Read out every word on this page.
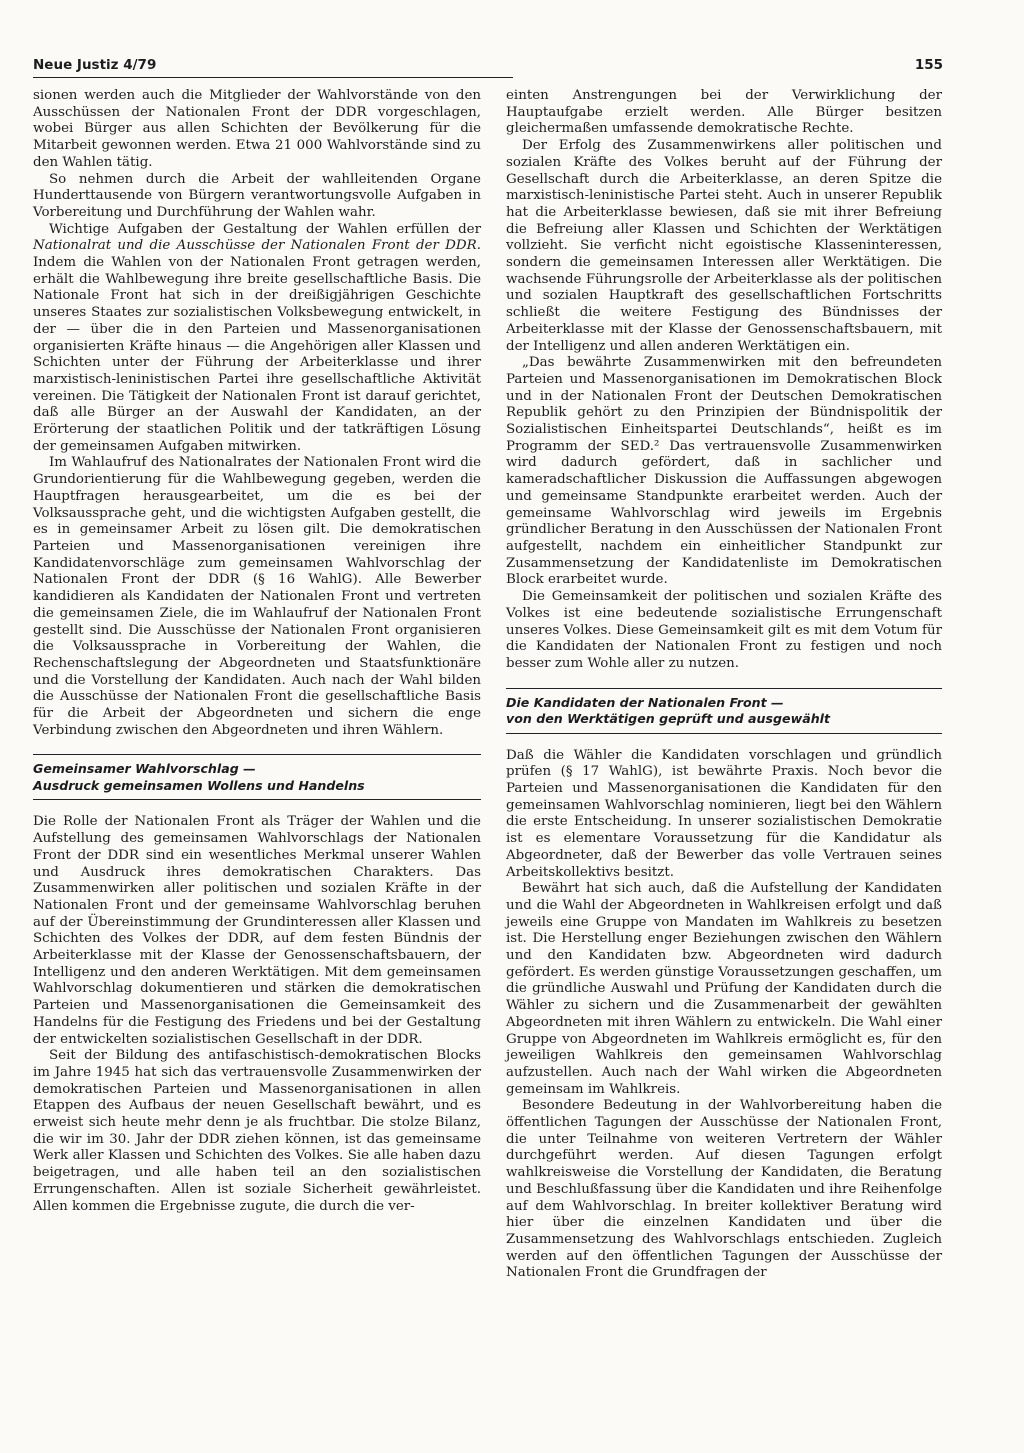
Neue Justiz 4/79	155

sionen werden auch die Mitglieder der Wahlvorstände von den Ausschüssen der Nationalen Front der DDR vorgeschlagen, wobei Bürger aus allen Schichten der Bevölkerung für die Mitarbeit gewonnen werden. Etwa 21 000 Wahlvorstände sind zu den Wahlen tätig.

So nehmen durch die Arbeit der wahlleitenden Organe Hunderttausende von Bürgern verantwortungsvolle Aufgaben in Vorbereitung und Durchführung der Wahlen wahr.

Wichtige Aufgaben der Gestaltung der Wahlen erfüllen der Nationalrat und die Ausschüsse der Nationalen Front der DDR. Indem die Wahlen von der Nationalen Front getragen werden, erhält die Wahlbewegung ihre breite gesellschaftliche Basis. Die Nationale Front hat sich in der dreißigjährigen Geschichte unseres Staates zur sozialistischen Volksbewegung entwickelt, in der — über die in den Parteien und Massenorganisationen organisierten Kräfte hinaus — die Angehörigen aller Klassen und Schichten unter der Führung der Arbeiterklasse und ihrer marxistisch-leninistischen Partei ihre gesellschaftliche Aktivität vereinen. Die Tätigkeit der Nationalen Front ist darauf gerichtet, daß alle Bürger an der Auswahl der Kandidaten, an der Erörterung der staatlichen Politik und der tatkräftigen Lösung der gemeinsamen Aufgaben mitwirken.

Im Wahlaufruf des Nationalrates der Nationalen Front wird die Grundorientierung für die Wahlbewegung gegeben, werden die Hauptfragen herausgearbeitet, um die es bei der Volksaussprache geht, und die wichtigsten Aufgaben gestellt, die es in gemeinsamer Arbeit zu lösen gilt. Die demokratischen Parteien und Massenorganisationen vereinigen ihre Kandidatenvorschläge zum gemeinsamen Wahlvorschlag der Nationalen Front der DDR (§ 16 WahlG). Alle Bewerber kandidieren als Kandidaten der Nationalen Front und vertreten die gemeinsamen Ziele, die im Wahlaufruf der Nationalen Front gestellt sind. Die Ausschüsse der Nationalen Front organisieren die Volksaussprache in Vorbereitung der Wahlen, die Rechenschaftslegung der Abgeordneten und Staatsfunktionäre und die Vorstellung der Kandidaten. Auch nach der Wahl bilden die Ausschüsse der Nationalen Front die gesellschaftliche Basis für die Arbeit der Abgeordneten und sichern die enge Verbindung zwischen den Abgeordneten und ihren Wählern.

Gemeinsamer Wahlvorschlag —
Ausdruck gemeinsamen Wollens und Handelns

Die Rolle der Nationalen Front als Träger der Wahlen und die Aufstellung des gemeinsamen Wahlvorschlags der Nationalen Front der DDR sind ein wesentliches Merkmal unserer Wahlen und Ausdruck ihres demokratischen Charakters. Das Zusammenwirken aller politischen und sozialen Kräfte in der Nationalen Front und der gemeinsame Wahlvorschlag beruhen auf der Übereinstimmung der Grundinteressen aller Klassen und Schichten des Volkes der DDR, auf dem festen Bündnis der Arbeiterklasse mit der Klasse der Genossenschaftsbauern, der Intelligenz und den anderen Werktätigen. Mit dem gemeinsamen Wahlvorschlag dokumentieren und stärken die demokratischen Parteien und Massenorganisationen die Gemeinsamkeit des Handelns für die Festigung des Friedens und bei der Gestaltung der entwickelten sozialistischen Gesellschaft in der DDR.

Seit der Bildung des antifaschistisch-demokratischen Blocks im Jahre 1945 hat sich das vertrauensvolle Zusammenwirken der demokratischen Parteien und Massenorganisationen in allen Etappen des Aufbaus der neuen Gesellschaft bewährt, und es erweist sich heute mehr denn je als fruchtbar. Die stolze Bilanz, die wir im 30. Jahr der DDR ziehen können, ist das gemeinsame Werk aller Klassen und Schichten des Volkes. Sie alle haben dazu beigetragen, und alle haben teil an den sozialistischen Errungenschaften. Allen ist soziale Sicherheit gewährleistet. Allen kommen die Ergebnisse zugute, die durch die ver-

einten Anstrengungen bei der Verwirklichung der Hauptaufgabe erzielt werden. Alle Bürger besitzen gleichermaßen umfassende demokratische Rechte.

Der Erfolg des Zusammenwirkens aller politischen und sozialen Kräfte des Volkes beruht auf der Führung der Gesellschaft durch die Arbeiterklasse, an deren Spitze die marxistisch-leninistische Partei steht. Auch in unserer Republik hat die Arbeiterklasse bewiesen, daß sie mit ihrer Befreiung die Befreiung aller Klassen und Schichten der Werktätigen vollzieht. Sie verficht nicht egoistische Klasseninteressen, sondern die gemeinsamen Interessen aller Werktätigen. Die wachsende Führungsrolle der Arbeiterklasse als der politischen und sozialen Hauptkraft des gesellschaftlichen Fortschritts schließt die weitere Festigung des Bündnisses der Arbeiterklasse mit der Klasse der Genossenschaftsbauern, mit der Intelligenz und allen anderen Werktätigen ein.

„Das bewährte Zusammenwirken mit den befreundeten Parteien und Massenorganisationen im Demokratischen Block und in der Nationalen Front der Deutschen Demokratischen Republik gehört zu den Prinzipien der Bündnispolitik der Sozialistischen Einheitspartei Deutschlands“, heißt es im Programm der SED.² Das vertrauensvolle Zusammenwirken wird dadurch gefördert, daß in sachlicher und kameradschaftlicher Diskussion die Auffassungen abgewogen und gemeinsame Standpunkte erarbeitet werden. Auch der gemeinsame Wahlvorschlag wird jeweils im Ergebnis gründlicher Beratung in den Ausschüssen der Nationalen Front aufgestellt, nachdem ein einheitlicher Standpunkt zur Zusammensetzung der Kandidatenliste im Demokratischen Block erarbeitet wurde.

Die Gemeinsamkeit der politischen und sozialen Kräfte des Volkes ist eine bedeutende sozialistische Errungenschaft unseres Volkes. Diese Gemeinsamkeit gilt es mit dem Votum für die Kandidaten der Nationalen Front zu festigen und noch besser zum Wohle aller zu nutzen.

Die Kandidaten der Nationalen Front —
von den Werktätigen geprüft und ausgewählt

Daß die Wähler die Kandidaten vorschlagen und gründlich prüfen (§ 17 WahlG), ist bewährte Praxis. Noch bevor die Parteien und Massenorganisationen die Kandidaten für den gemeinsamen Wahlvorschlag nominieren, liegt bei den Wählern die erste Entscheidung. In unserer sozialistischen Demokratie ist es elementare Voraussetzung für die Kandidatur als Abgeordneter, daß der Bewerber das volle Vertrauen seines Arbeitskollektivs besitzt.

Bewährt hat sich auch, daß die Aufstellung der Kandidaten und die Wahl der Abgeordneten in Wahlkreisen erfolgt und daß jeweils eine Gruppe von Mandaten im Wahlkreis zu besetzen ist. Die Herstellung enger Beziehungen zwischen den Wählern und den Kandidaten bzw. Abgeordneten wird dadurch gefördert. Es werden günstige Voraussetzungen geschaffen, um die gründliche Auswahl und Prüfung der Kandidaten durch die Wähler zu sichern und die Zusammenarbeit der gewählten Abgeordneten mit ihren Wählern zu entwickeln. Die Wahl einer Gruppe von Abgeordneten im Wahlkreis ermöglicht es, für den jeweiligen Wahlkreis den gemeinsamen Wahlvorschlag aufzustellen. Auch nach der Wahl wirken die Abgeordneten gemeinsam im Wahlkreis.

Besondere Bedeutung in der Wahlvorbereitung haben die öffentlichen Tagungen der Ausschüsse der Nationalen Front, die unter Teilnahme von weiteren Vertretern der Wähler durchgeführt werden. Auf diesen Tagungen erfolgt wahlkreisweise die Vorstellung der Kandidaten, die Beratung und Beschlußfassung über die Kandidaten und ihre Reihenfolge auf dem Wahlvorschlag. In breiter kollektiver Beratung wird hier über die einzelnen Kandidaten und über die Zusammensetzung des Wahlvorschlags entschieden. Zugleich werden auf den öffentlichen Tagungen der Ausschüsse der Nationalen Front die Grundfragen der
